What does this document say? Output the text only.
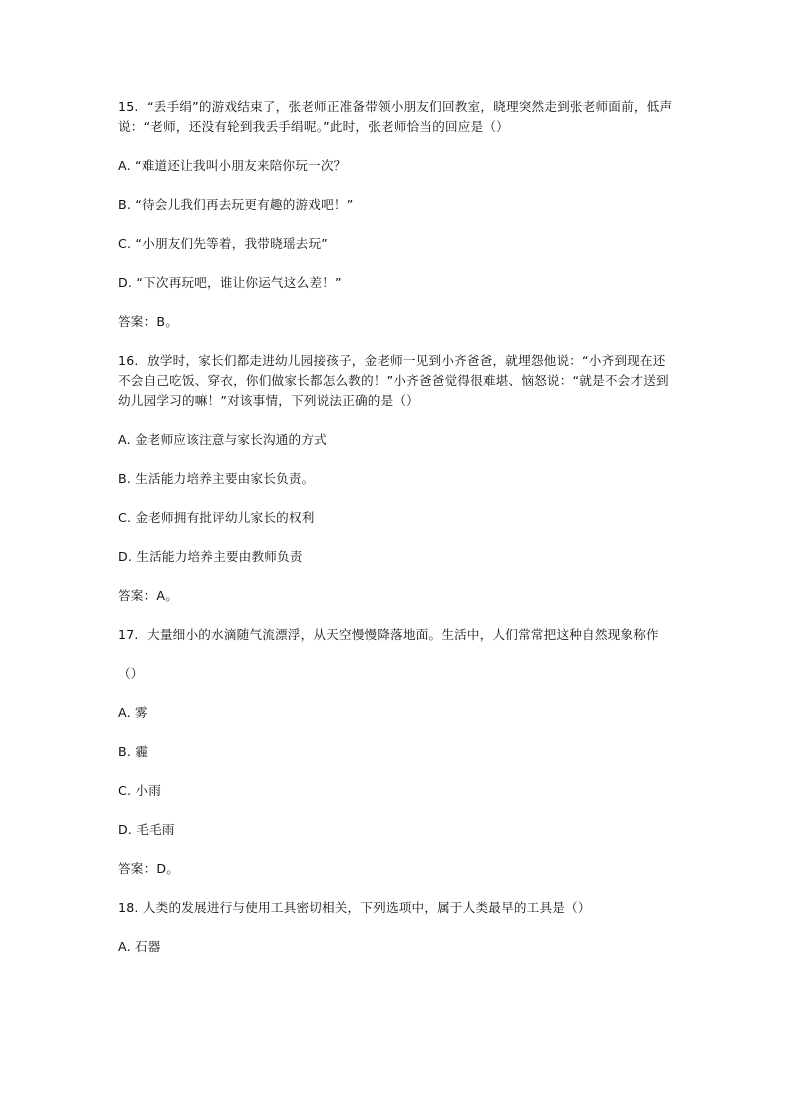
15. “丢手绢”的游戏结束了，张老师正准备带领小朋友们回教室，晓理突然走到张老师面前，低声说：“老师，还没有轮到我丢手绢呢。”此时，张老师恰当的回应是（）

A. “难道还让我叫小朋友来陪你玩一次？

B. “待会儿我们再去玩更有趣的游戏吧！”

C. “小朋友们先等着，我带晓瑶去玩”

D. “下次再玩吧，谁让你运气这么差！”

答案：B。

16. 放学时，家长们都走进幼儿园接孩子，金老师一见到小齐爸爸，就埋怨他说：“小齐到现在还不会自己吃饭、穿衣，你们做家长都怎么教的！”小齐爸爸觉得很难堪、恼怒说：“就是不会才送到幼儿园学习的嘛！”对该事情，下列说法正确的是（）

A. 金老师应该注意与家长沟通的方式

B. 生活能力培养主要由家长负责。

C. 金老师拥有批评幼儿家长的权利

D. 生活能力培养主要由教师负责

答案：A。

17. 大量细小的水滴随气流漂浮，从天空慢慢降落地面。生活中，人们常常把这种自然现象称作

（）

A. 雾

B. 霾

C. 小雨

D. 毛毛雨

答案：D。

18. 人类的发展进行与使用工具密切相关，下列选项中，属于人类最早的工具是（）

A. 石器
